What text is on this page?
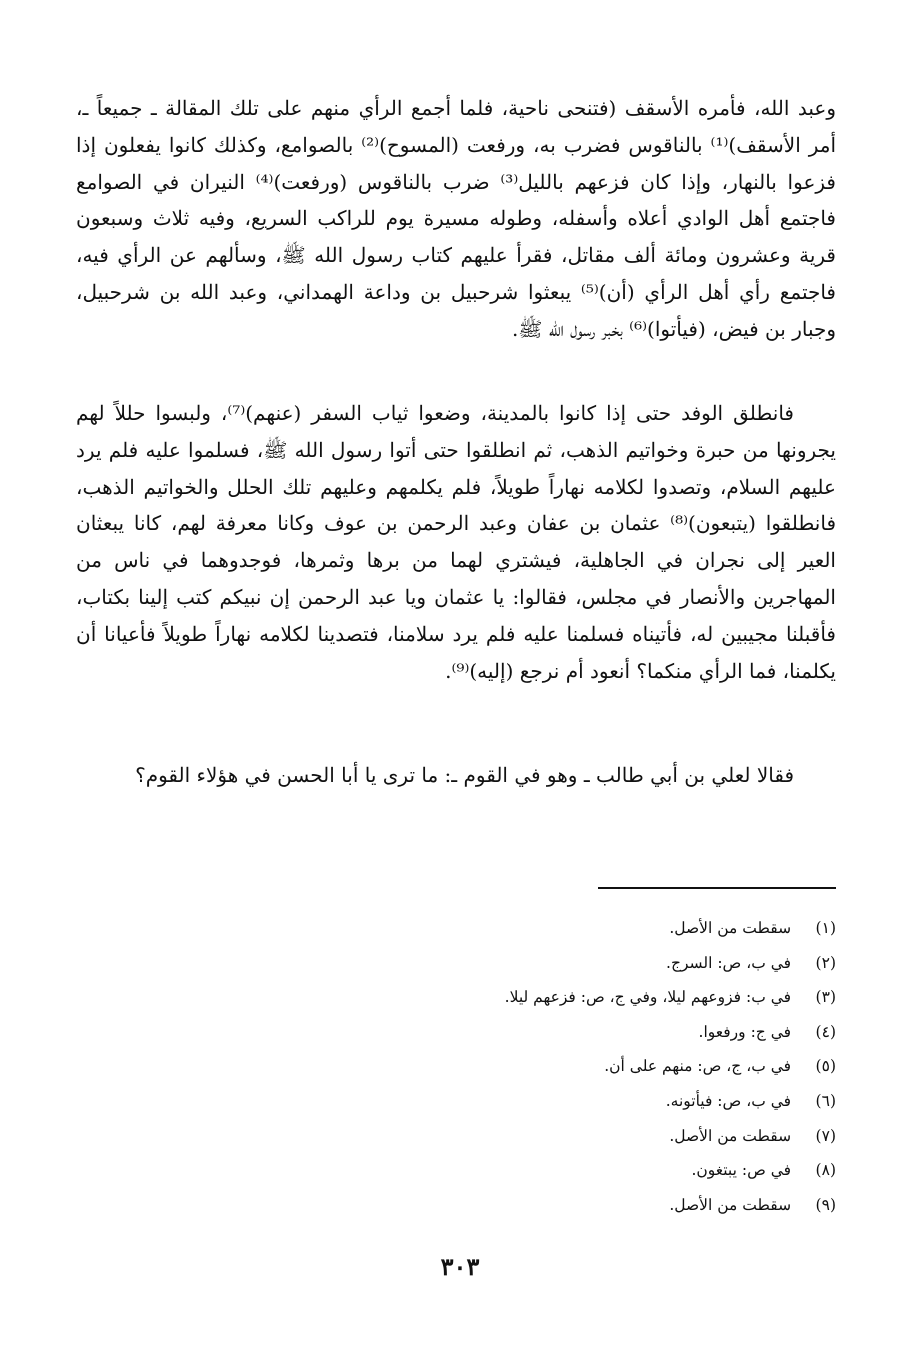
وعبد الله، فأمره الأسقف (فتنحى ناحية، فلما أجمع الرأي منهم على تلك المقالة ـ جميعاً ـ، أمر الأسقف)⁽¹⁾ بالناقوس فضرب به، ورفعت (المسوح)⁽²⁾ بالصوامع، وكذلك كانوا يفعلون إذا فزعوا بالنهار، وإذا كان فزعهم بالليل⁽³⁾ ضرب بالناقوس (ورفعت)⁽⁴⁾ النيران في الصوامع فاجتمع أهل الوادي أعلاه وأسفله، وطوله مسيرة يوم للراكب السريع، وفيه ثلاث وسبعون قرية وعشرون ومائة ألف مقاتل، فقرأ عليهم كتاب رسول الله ﷺ، وسألهم عن الرأي فيه، فاجتمع رأي أهل الرأي (أن)⁽⁵⁾ يبعثوا شرحبيل بن وداعة الهمداني، وعبد الله بن شرحبيل، وجبار بن فيض، (فيأتوا)⁽⁶⁾ بخبر رسول الله ﷺ.

فانطلق الوفد حتى إذا كانوا بالمدينة، وضعوا ثياب السفر (عنهم)⁽⁷⁾، ولبسوا حللاً لهم يجرونها من حبرة وخواتيم الذهب، ثم انطلقوا حتى أتوا رسول الله ﷺ، فسلموا عليه فلم يرد عليهم السلام، وتصدوا لكلامه نهاراً طويلاً، فلم يكلمهم وعليهم تلك الحلل والخواتيم الذهب، فانطلقوا (يتبعون)⁽⁸⁾ عثمان بن عفان وعبد الرحمن بن عوف وكانا معرفة لهم، كانا يبعثان العير إلى نجران في الجاهلية، فيشتري لهما من برها وثمرها، فوجدوهما في ناس من المهاجرين والأنصار في مجلس، فقالوا: يا عثمان ويا عبد الرحمن إن نبيكم كتب إلينا بكتاب، فأقبلنا مجيبين له، فأتيناه فسلمنا عليه فلم يرد سلامنا، فتصدينا لكلامه نهاراً طويلاً فأعيانا أن يكلمنا، فما الرأي منكما؟ أنعود أم نرجع (إليه)⁽⁹⁾.

فقالا لعلي بن أبي طالب ـ وهو في القوم ـ: ما ترى يا أبا الحسن في هؤلاء القوم؟

(١) سقطت من الأصل.
(٢) في ب، ص: السرج.
(٣) في ب: فزوعهم ليلا، وفي ج، ص: فزعهم ليلا.
(٤) في ج: ورفعوا.
(٥) في ب، ج، ص: منهم على أن.
(٦) في ب، ص: فيأتونه.
(٧) سقطت من الأصل.
(٨) في ص: يبتغون.
(٩) سقطت من الأصل.
٣٠٣
